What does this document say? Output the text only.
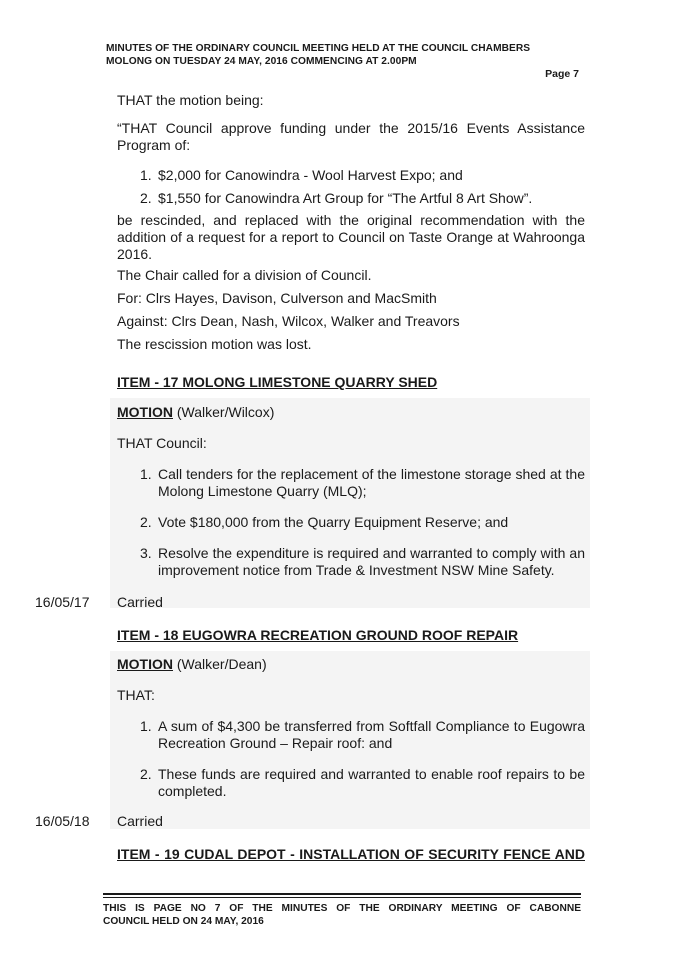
MINUTES OF THE ORDINARY COUNCIL MEETING HELD AT THE COUNCIL CHAMBERS
MOLONG ON TUESDAY 24 MAY, 2016 COMMENCING AT 2.00PM
Page 7
THAT the motion being:
“THAT Council approve funding under the 2015/16 Events Assistance Program of:
1. $2,000 for Canowindra - Wool Harvest Expo; and
2. $1,550 for Canowindra Art Group for “The Artful 8 Art Show”.
be rescinded, and replaced with the original recommendation with the addition of a request for a report to Council on Taste Orange at Wahroonga 2016.
The Chair called for a division of Council.
For: Clrs Hayes, Davison, Culverson and MacSmith
Against: Clrs Dean, Nash, Wilcox, Walker and Treavors
The rescission motion was lost.
ITEM - 17 MOLONG LIMESTONE QUARRY SHED
MOTION (Walker/Wilcox)
THAT Council:
1. Call tenders for the replacement of the limestone storage shed at the Molong Limestone Quarry (MLQ);
2. Vote $180,000 from the Quarry Equipment Reserve; and
3. Resolve the expenditure is required and warranted to comply with an improvement notice from Trade & Investment NSW Mine Safety.
16/05/17 Carried
ITEM - 18 EUGOWRA RECREATION GROUND ROOF REPAIR
MOTION (Walker/Dean)
THAT:
1. A sum of $4,300 be transferred from Softfall Compliance to Eugowra Recreation Ground – Repair roof: and
2. These funds are required and warranted to enable roof repairs to be completed.
16/05/18 Carried
ITEM - 19 CUDAL DEPOT - INSTALLATION OF SECURITY FENCE AND
THIS IS PAGE NO 7 OF THE MINUTES OF THE ORDINARY MEETING OF CABONNE
COUNCIL HELD ON 24 MAY, 2016
